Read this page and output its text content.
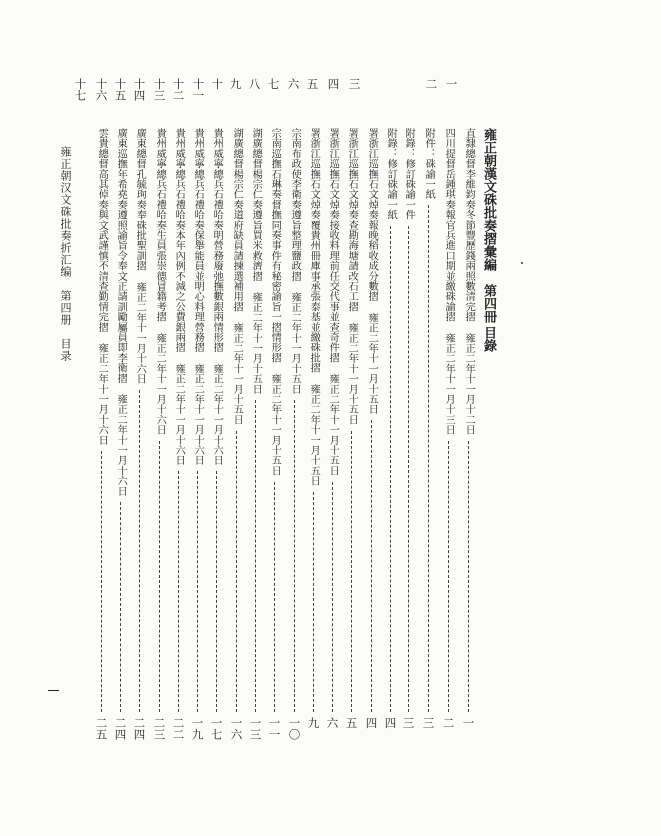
一
二
三
四
五
六
七
八
九
十
十一
十二
十三
十四
十五
十六
十七
雍正朝漢文硃批奏摺彙編　第四冊
目錄
直隸總督李維鈞奏冬節豐歷錢兩照數清完摺 雍正二年十一月十二日
四川提督岳鍾琪奏報官兵進口期並繳硃諭摺 雍正二年十一月十三日
附件：硃諭一紙
附錄：修訂硃諭一件
附錄：修訂硃諭一紙
署浙江巡撫石文焯奏報晚稻收成分數摺 雍正二年十一月十五日
署浙江巡撫石文焯奏查勘海塘請改石工摺 雍正二年十一月十五日
署浙江巡撫石文焯奏接收料理前任交代事並查奇件摺 雍正二年十一月十五日
署浙江巡撫石文焯奏覆貴州冊庫事承張泰基並繳硃批摺 雍正二年十一月十五日
宗南布政使李衛奏遵旨整理鹽政摺 雍正二年十一月十五日
宗南巡撫石琳奏督撫同奏事件有秘密諭旨一摺情形摺 雍正二年十一月十五日
湖廣總督楊宗仁奏遵旨買米救濟摺 雍正二年十一月十五日
湖廣總督楊宗仁奏道府缺員請揀選補用摺 雍正二年十一月十五日
貴州威寧總兵石禮哈奏明營務廢弛撫數銀兩情形摺 雍正二年十一月十六日
貴州威寧總兵石禮哈奏保舉能員並明心料理營務摺 雍正二年十一月十六日
貴州威寧總兵石禮哈奏本年內例不減之公費銀兩摺 雍正二年十一月十六日
貴州威寧總兵石禮哈奏生員張崇德冒籍考摺 雍正二年十一月十六日
廣東總督孔毓珣奏奉硃批聖訓摺 雍正二年十一月十六日
廣東巡撫年希堯奏遵照諭旨令奉文正請訓勵屬員即李衛摺 雍正二年十一月十六日
雲貴總督高其倬奏與文武謹慎不清查勤情完摺 雍正二年十一月十六日
一
二
三
三
四
四
五
六
九
一〇
一一
一三
一六
一七
一九
二二
二三
二四
二四
二五
雍正朝汉文硃批奏折汇编　第四册　目录
